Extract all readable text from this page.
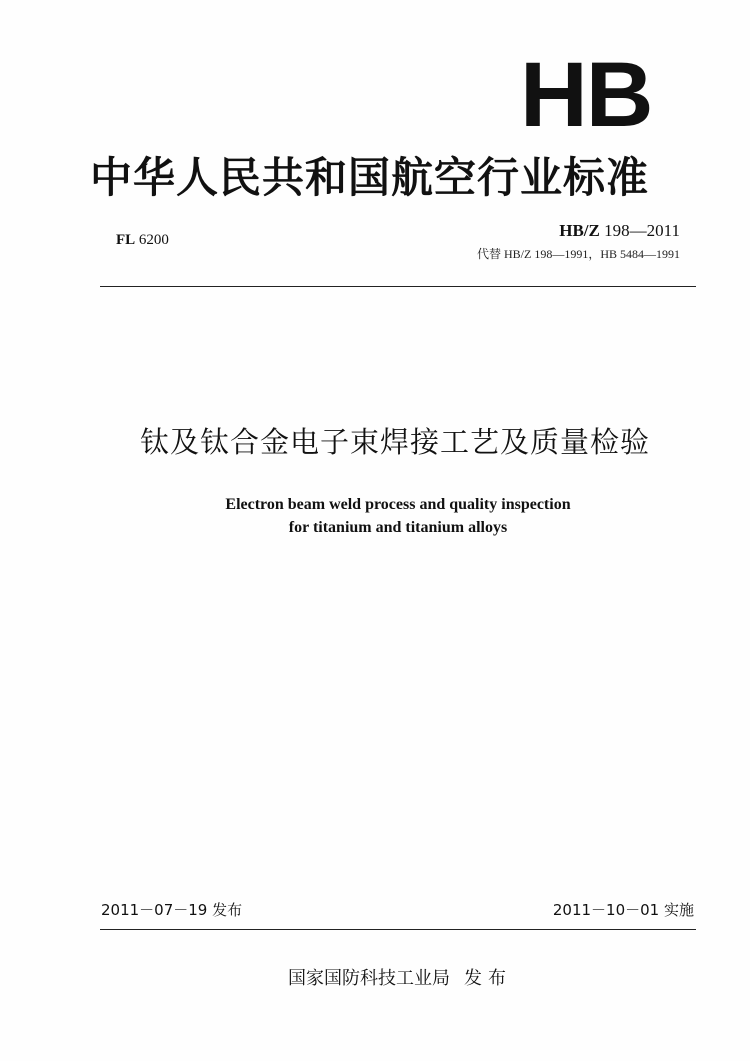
HB
中华人民共和国航空行业标准
FL 6200	HB/Z 198—2011
代替 HB/Z 198—1991，HB 5484—1991
钛及钛合金电子束焊接工艺及质量检验
Electron beam weld process and quality inspection
for titanium and titanium alloys
2011－07－19 发布	2011－10－01 实施
国家国防科技工业局 发布
